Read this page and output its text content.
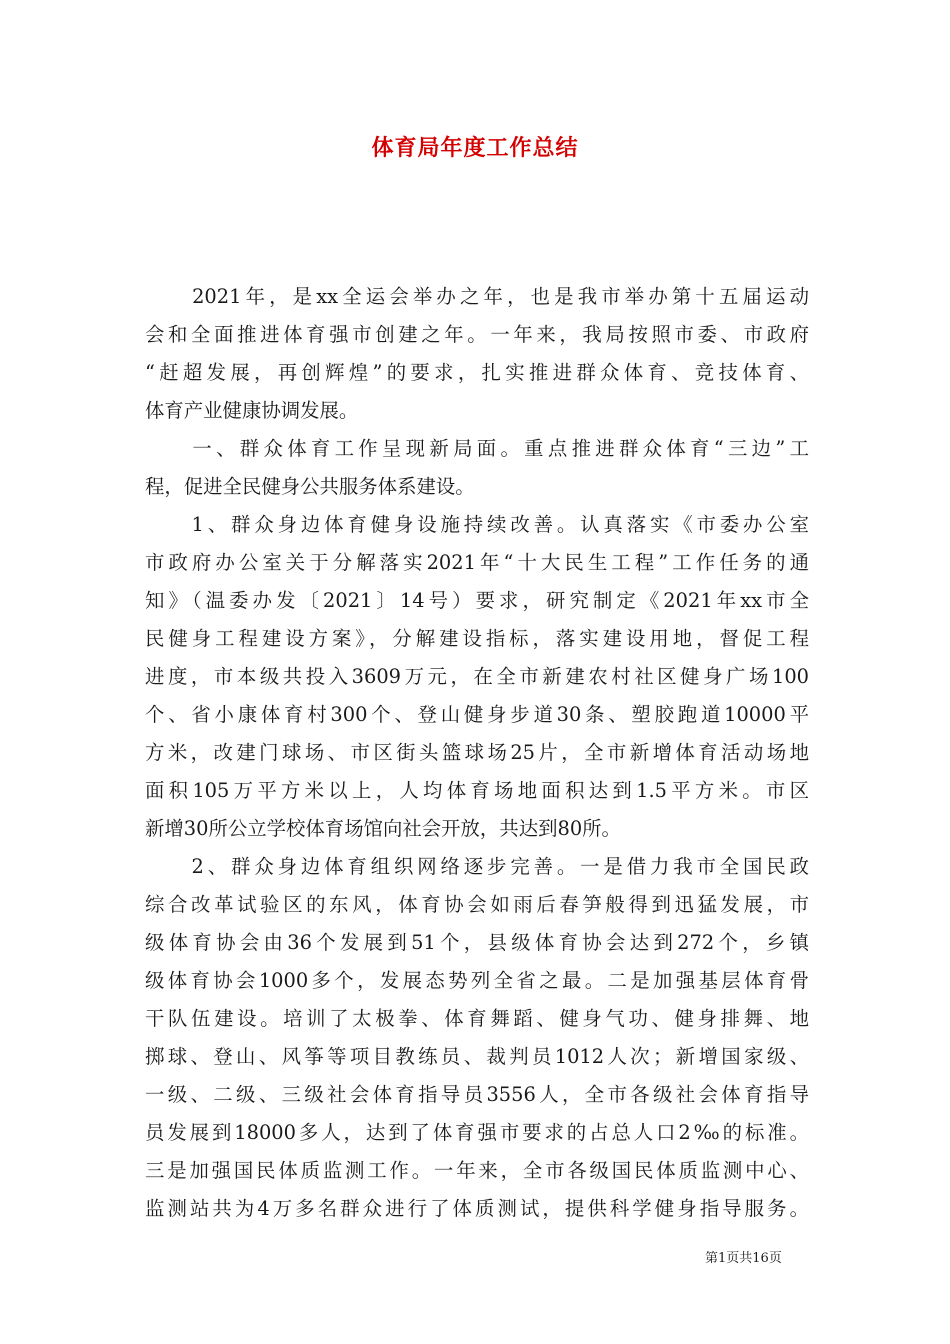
体育局年度工作总结
　　2021年，是xx全运会举办之年，也是我市举办第十五届运动
会和全面推进体育强市创建之年。一年来，我局按照市委、市政府
“赶超发展，再创辉煌”的要求，扎实推进群众体育、竞技体育、
体育产业健康协调发展。
　　一、群众体育工作呈现新局面。重点推进群众体育“三边”工
程，促进全民健身公共服务体系建设。
　　1、群众身边体育健身设施持续改善。认真落实《市委办公室
市政府办公室关于分解落实2021年“十大民生工程”工作任务的通
知》（温委办发〔2021〕14号）要求，研究制定《2021年xx市全
民健身工程建设方案》，分解建设指标，落实建设用地，督促工程
进度，市本级共投入3609万元，在全市新建农村社区健身广场100
个、省小康体育村300个、登山健身步道30条、塑胶跑道10000平
方米，改建门球场、市区街头篮球场25片，全市新增体育活动场地
面积105万平方米以上，人均体育场地面积达到1.5平方米。市区
新增30所公立学校体育场馆向社会开放，共达到80所。
　　2、群众身边体育组织网络逐步完善。一是借力我市全国民政
综合改革试验区的东风，体育协会如雨后春笋般得到迅猛发展，市
级体育协会由36个发展到51个，县级体育协会达到272个，乡镇
级体育协会1000多个，发展态势列全省之最。二是加强基层体育骨
干队伍建设。培训了太极拳、体育舞蹈、健身气功、健身排舞、地
掷球、登山、风筝等项目教练员、裁判员1012人次；新增国家级、
一级、二级、三级社会体育指导员3556人，全市各级社会体育指导
员发展到18000多人，达到了体育强市要求的占总人口2‰的标准。
三是加强国民体质监测工作。一年来，全市各级国民体质监测中心、
监测站共为4万多名群众进行了体质测试，提供科学健身指导服务。
第1页共16页
